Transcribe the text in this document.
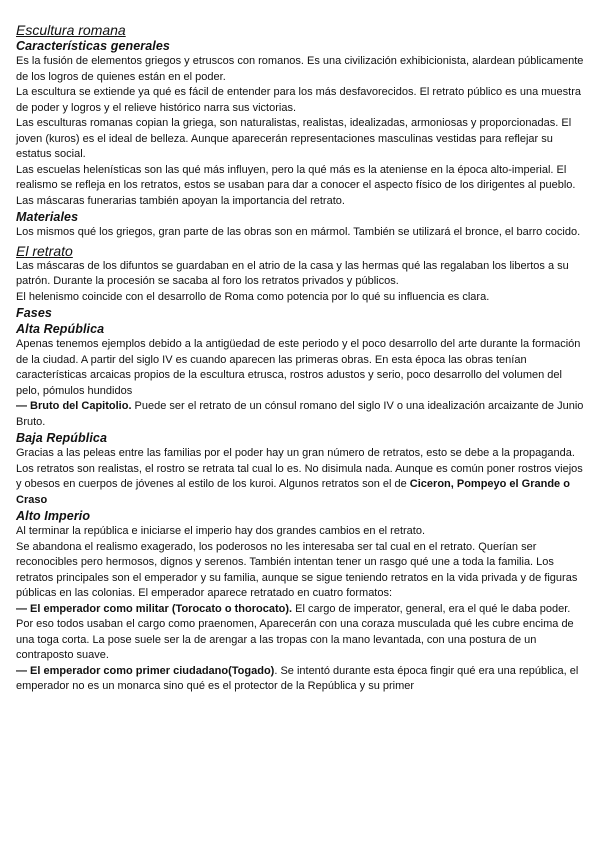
Escultura romana
Características generales

Es la fusión de elementos griegos y etruscos con romanos. Es una civilización exhibicionista, alardean públicamente de los logros de quienes están en el poder.

La escultura se extiende ya qué es fácil de entender para los más desfavorecidos. El retrato público es una muestra de poder y logros y el relieve histórico narra sus victorias.

Las esculturas romanas copian la griega, son naturalistas, realistas, idealizadas, armoniosas y proporcionadas. El joven (kuros) es el ideal de belleza. Aunque aparecerán representaciones masculinas vestidas para reflejar su estatus social.

Las escuelas helenísticas son las qué más influyen, pero la qué más es la ateniense en la época alto-imperial. El realismo se refleja en los retratos, estos se usaban para dar a conocer el aspecto físico de los dirigentes al pueblo. Las máscaras funerarias también apoyan la importancia del retrato.

Materiales

Los mismos qué los griegos, gran parte de las obras son en mármol. También se utilizará el bronce, el barro cocido.

El retrato

Las máscaras de los difuntos se guardaban en el atrio de la casa y las hermas qué las regalaban los libertos a su patrón. Durante la procesión se sacaba al foro los retratos privados y públicos.

El helenismo coincide con el desarrollo de Roma como potencia por lo qué su influencia es clara.

Fases
Alta República

Apenas tenemos ejemplos debido a la antigüedad de este periodo y el poco desarrollo del arte durante la formación de la ciudad. A partir del siglo IV es cuando aparecen las primeras obras. En esta época las obras tenían características arcaicas propios de la escultura etrusca, rostros adustos y serio, poco desarrollo del volumen del pelo, pómulos hundidos

— Bruto del Capitolio. Puede ser el retrato de un cónsul romano del siglo IV o una idealización arcaizante de Junio Bruto.

Baja República

Gracias a las peleas entre las familias por el poder hay un gran número de retratos, esto se debe a la propaganda. Los retratos son realistas, el rostro se retrata tal cual lo es. No disimula nada. Aunque es común poner rostros viejos y obesos en cuerpos de jóvenes al estilo de los kuroi. Algunos retratos son el de Ciceron, Pompeyo el Grande o Craso

Alto Imperio

Al terminar la república e iniciarse el imperio hay dos grandes cambios en el retrato.

Se abandona el realismo exagerado, los poderosos no les interesaba ser tal cual en el retrato. Querían ser reconocibles pero hermosos, dignos y serenos. También intentan tener un rasgo qué une a toda la familia. Los retratos principales son el emperador y su familia, aunque se sigue teniendo retratos en la vida privada y de figuras públicas en las colonias. El emperador aparece retratado en cuatro formatos:

— El emperador como militar (Torocato o thorocato). El cargo de imperator, general, era el qué le daba poder. Por eso todos usaban el cargo como praenomen, Aparecerán con una coraza musculada qué les cubre encima de una toga corta. La pose suele ser la de arengar a las tropas con la mano levantada, con una postura de un contraposto suave.

— El emperador como primer ciudadano(Togado). Se intentó durante esta época fingir qué era una república, el emperador no es un monarca sino qué es el protector de la República y su primer
